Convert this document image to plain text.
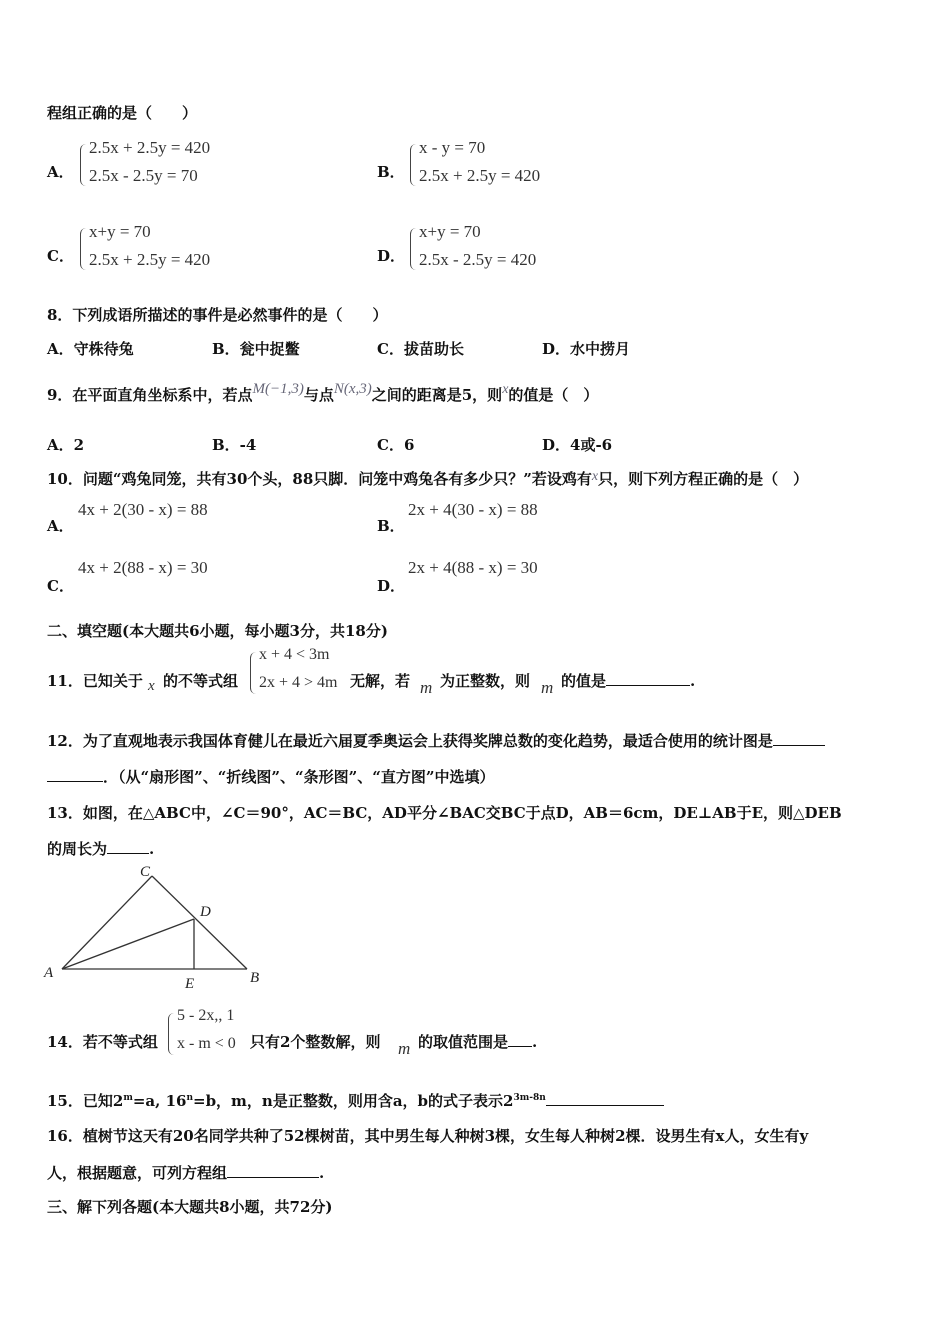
程组正确的是（　　）
A．
2.5x + 2.5y = 420
2.5x - 2.5y = 70	B．
x - y = 70
2.5x + 2.5y = 420
C．
x+y = 70
2.5x + 2.5y = 420	D．
x+y = 70
2.5x - 2.5y = 420
8．下列成语所描述的事件是必然事件的是（　　）
A．守株待兔	B．瓮中捉鳖	C．拔苗助长	D．水中捞月
9．在平面直角坐标系中，若点M(−1,3)与点N(x,3)之间的距离是5，则x的值是（　）
A．2	B．-4	C．6	D．4或-6
10．问题“鸡兔同笼，共有30个头，88只脚．问笼中鸡兔各有多少只？”若设鸡有x只，则下列方程正确的是（　）
A．
4x + 2(30 - x) = 88
B．
2x + 4(30 - x) = 88
C．
4x + 2(88 - x) = 30
D．
2x + 4(88 - x) = 30
二、填空题(本大题共6小题，每小题3分，共18分)
11．已知关于 x 的不等式组
x + 4 < 3m
2x + 4 > 4m 无解，若 m 为正整数，则 m 的值是	.
12．为了直观地表示我国体育健儿在最近六届夏季奥运会上获得奖牌总数的变化趋势，最适合使用的统计图是
．（从“扇形图”、“折线图”、“条形图”、“直方图”中选填）
13．如图，在△ABC中，∠C＝90°，AC＝BC，AD平分∠BAC交BC于点D，AB＝6cm，DE⊥AB于E，则△DEB
的周长为	.
A
C
D
E	B
14．若不等式组
5 - 2x,, 1
x - m < 0 只有2个整数解，则 m 的取值范围是 .
15．已知$2^m=a$, $16^n=b$，m，n是正整数，则用含a，b的式子表示$2^{3m-8n}$
16．植树节这天有20名同学共种了52棵树苗，其中男生每人种树3棵，女生每人种树2棵．设男生有x人，女生有y
人，根据题意，可列方程组	.
三、解下列各题(本大题共8小题，共72分)
